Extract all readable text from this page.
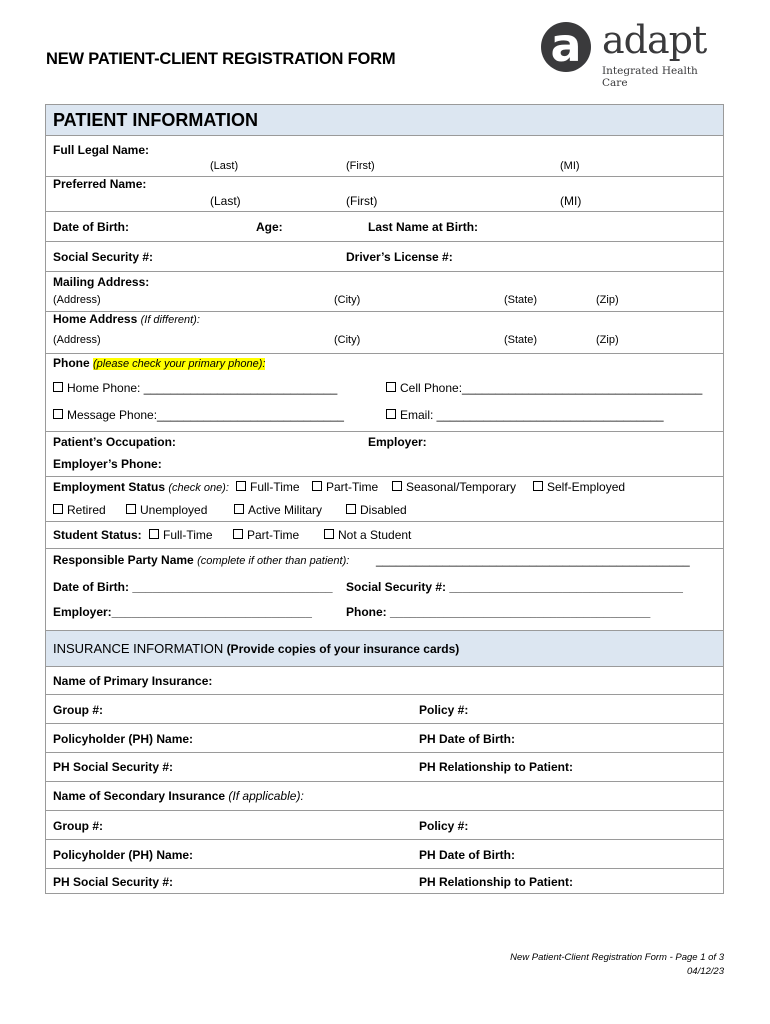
NEW PATIENT-CLIENT REGISTRATION FORM	a adapt
Integrated Health Care
PATIENT INFORMATION
Full Legal Name:
(Last)	(First)	(MI)
Preferred Name:
(Last)	(First)	(MI)
Date of Birth:	Age:	Last Name at Birth:
Social Security #:	Driver’s License #:
Mailing Address:
(Address)	(City)	(State)	(Zip)
Home Address (If different):
(Address)	(City)	(State)	(Zip)
Phone (please check your primary phone):
Home Phone: _____________________________	Cell Phone:____________________________________
Message Phone:____________________________	Email: __________________________________
Patient’s Occupation:	Employer:
Employer’s Phone:
Employment Status (check one):	Full-Time	Part-Time	Seasonal/Temporary	Self-Employed
Retired	Unemployed	Active Military	Disabled
Student Status:	Full-Time	Part-Time	Not a Student
Responsible Party Name (complete if other than patient): _______________________________________________
Date of Birth: ______________________________ Social Security #: ___________________________________
Employer:______________________________	Phone: _______________________________________
INSURANCE INFORMATION (Provide copies of your insurance cards)
Name of Primary Insurance:
Group #:	Policy #:
Policyholder (PH) Name:	PH Date of Birth:
PH Social Security #:	PH Relationship to Patient:
Name of Secondary Insurance (If applicable):
Group #:	Policy #:
Policyholder (PH) Name:	PH Date of Birth:
PH Social Security #:	PH Relationship to Patient:
New Patient-Client Registration Form - Page 1 of 3
04/12/23
